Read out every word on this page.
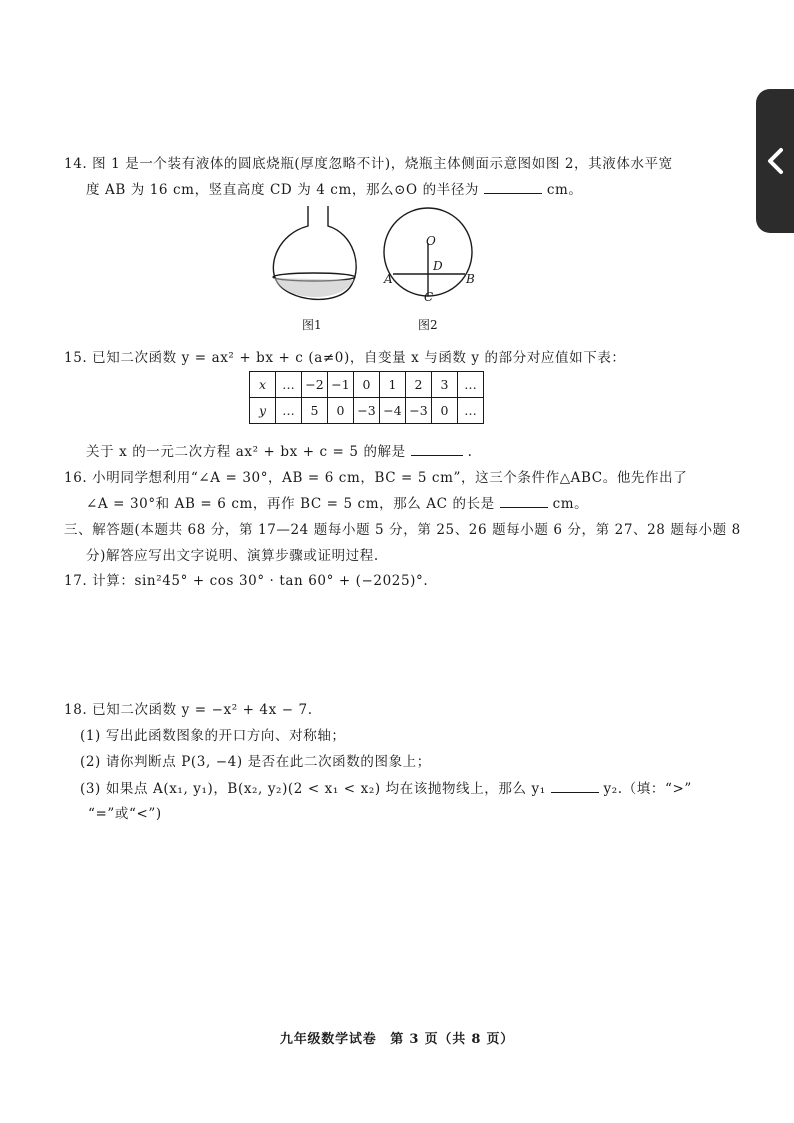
14. 图 1 是一个装有液体的圆底烧瓶(厚度忽略不计)，烧瓶主体侧面示意图如图 2，其液体水平宽
度 AB 为 16 cm，竖直高度 CD 为 4 cm，那么⊙O 的半径为	cm。
O
D
A	B
C
图1	图2
15. 已知二次函数 y = ax² + bx + c (a≠0)，自变量 x 与函数 y 的部分对应值如下表：
x	…	−2	−1	0	1	2	3	…
y	…	5	0	−3	−4	−3	0	…
关于 x 的一元二次方程 ax² + bx + c = 5 的解是	.
16. 小明同学想利用“∠A = 30°，AB = 6 cm，BC = 5 cm”，这三个条件作△ABC。他先作出了
∠A = 30°和 AB = 6 cm，再作 BC = 5 cm，那么 AC 的长是	cm。
三、解答题(本题共 68 分，第 17—24 题每小题 5 分，第 25、26 题每小题 6 分，第 27、28 题每小题 8
分)解答应写出文字说明、演算步骤或证明过程.
17. 计算：sin²45° + cos 30° · tan 60° + (−2025)°.
18. 已知二次函数 y = −x² + 4x − 7.
(1) 写出此函数图象的开口方向、对称轴；
(2) 请你判断点 P(3, −4) 是否在此二次函数的图象上；
(3) 如果点 A(x₁, y₁)，B(x₂, y₂)(2 < x₁ < x₂) 均在该抛物线上，那么 y₁	y₂.（填：“>”
“=”或“<”)
九年级数学试卷　第 3 页（共 8 页）
